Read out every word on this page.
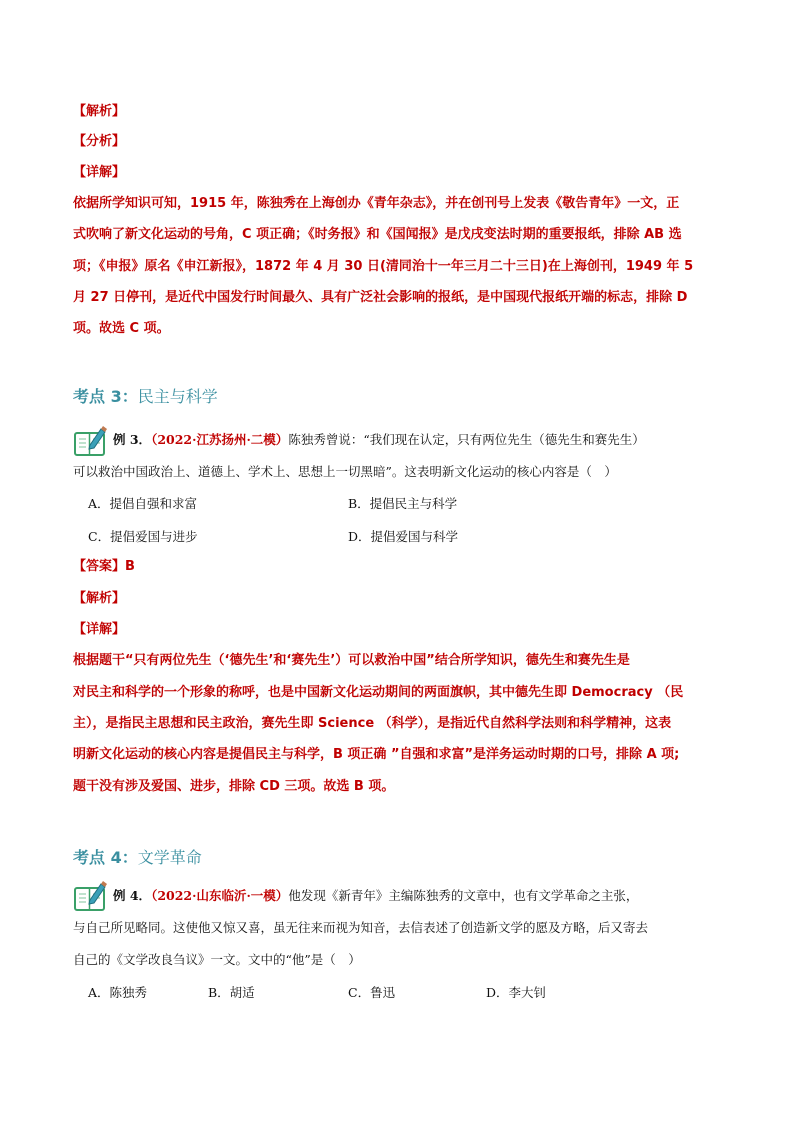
【解析】
【分析】
【详解】
依据所学知识可知，1915 年，陈独秀在上海创办《青年杂志》，并在创刊号上发表《敬告青年》一文，正
式吹响了新文化运动的号角，C 项正确；《时务报》和《国闻报》是戊戌变法时期的重要报纸，排除 AB 选
项；《申报》原名《申江新报》，1872 年 4 月 30 日(清同治十一年三月二十三日)在上海创刊，1949 年 5
月 27 日停刊，是近代中国发行时间最久、具有广泛社会影响的报纸，是中国现代报纸开端的标志，排除 D
项。故选 C 项。
考点 3：民主与科学
例 3．（2022·江苏扬州·二模）陈独秀曾说：“我们现在认定，只有两位先生（德先生和赛先生）
可以救治中国政治上、道德上、学术上、思想上一切黑暗”。这表明新文化运动的核心内容是（　）
A．提倡自强和求富	B．提倡民主与科学
C．提倡爱国与进步	D．提倡爱国与科学
【答案】B
【解析】
【详解】
根据题干“只有两位先生（‘德先生’和‘赛先生’）可以救治中国”结合所学知识，德先生和赛先生是
对民主和科学的一个形象的称呼，也是中国新文化运动期间的两面旗帜，其中德先生即 Democracy （民
主），是指民主思想和民主政治，赛先生即 Science （科学），是指近代自然科学法则和科学精神，这表
明新文化运动的核心内容是提倡民主与科学，B 项正确 ”自强和求富”是洋务运动时期的口号，排除 A 项;
题干没有涉及爱国、进步，排除 CD 三项。故选 B 项。
考点 4：文学革命
例 4．（2022·山东临沂·一模）他发现《新青年》主编陈独秀的文章中，也有文学革命之主张，
与自己所见略同。这使他又惊又喜，虽无往来而视为知音，去信表述了创造新文学的愿及方略，后又寄去
自己的《文学改良刍议》一文。文中的“他”是（　）
A．陈独秀	B．胡适	C．鲁迅	D．李大钊
